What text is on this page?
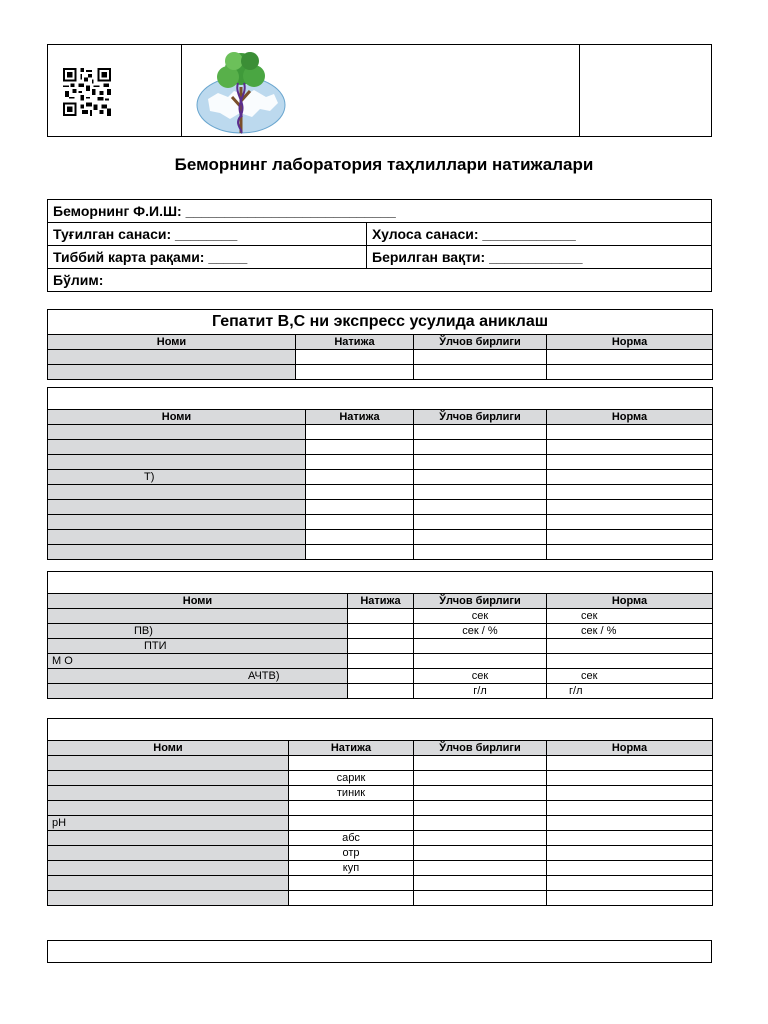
Беморнинг лаборатория таҳлиллари натижалари
Беморнинг Ф.И.Ш: ___________________________
Туғилган санаси: ________	Хулоса санаси: ____________
Тиббий карта рақами: _____	Берилган вақти: ____________
Бўлим:
Гепатит B,C ни экспресс усулида аниклаш			
Номи	Натижа	Ўлчов бирлиги	Норма

Номи	Натижа	Ўлчов бирлиги	Норма

T)			

Номи	Натижа	Ўлчов бирлиги	Норма
		сек	сек
ПВ)		сек / %	сек / %
ПТИ			
М О			
АЧТВ)		сек	сек
		г/л	г/л

Номи	Натижа	Ўлчов бирлиги	Норма

	сарик		
	тиник		

pH			
	абс		
	отр		
	куп		
